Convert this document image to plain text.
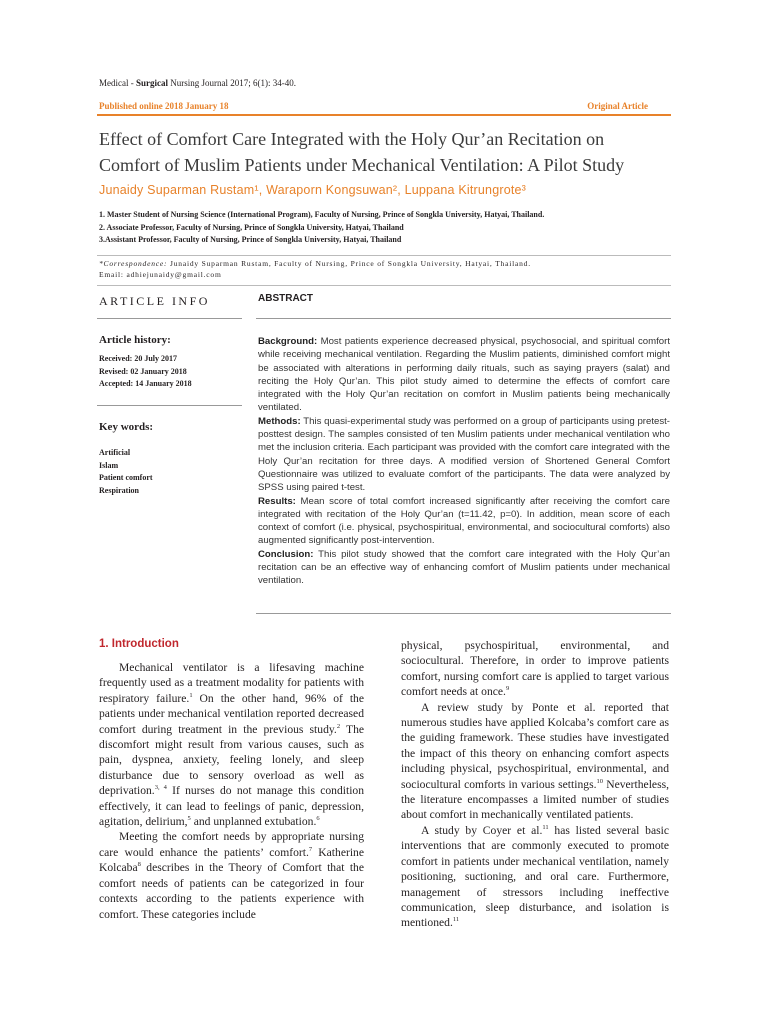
Medical - Surgical Nursing Journal 2017; 6(1): 34-40.
Published online 2018 January 18	Original Article
Effect of Comfort Care Integrated with the Holy Qur’an Recitation on
Comfort of Muslim Patients under Mechanical Ventilation: A Pilot Study
Junaidy Suparman Rustam¹, Waraporn Kongsuwan², Luppana Kitrungrote³
1. Master Student of Nursing Science (International Program), Faculty of Nursing, Prince of Songkla University, Hatyai, Thailand.
2. Associate Professor, Faculty of Nursing, Prince of Songkla University, Hatyai, Thailand
3.Assistant Professor, Faculty of Nursing, Prince of Songkla University, Hatyai, Thailand
*Correspondence: Junaidy Suparman Rustam, Faculty of Nursing, Prince of Songkla University, Hatyai, Thailand.
Email: adhiejunaidy@gmail.com
ARTICLE INFO	ABSTRACT
Article history:
Received: 20 July 2017
Revised: 02 January 2018
Accepted: 14 January 2018
Key words:
Artificial
Islam
Patient comfort
Respiration

Background: Most patients experience decreased physical, psychosocial, and spiritual comfort while receiving mechanical ventilation. Regarding the Muslim patients, diminished comfort might be associated with alterations in performing daily rituals, such as saying prayers (salat) and reciting the Holy Qur’an. This pilot study aimed to determine the effects of comfort care integrated with the Holy Qur’an recitation on comfort in Muslim patients being mechanically ventilated.

Methods: This quasi-experimental study was performed on a group of participants using pretest-posttest design. The samples consisted of ten Muslim patients under mechanical ventilation who met the inclusion criteria. Each participant was provided with the comfort care integrated with the Holy Qur’an recitation for three days. A modified version of Shortened General Comfort Questionnaire was utilized to evaluate comfort of the participants. The data were analyzed by SPSS using paired t-test.

Results: Mean score of total comfort increased significantly after receiving the comfort care integrated with recitation of the Holy Qur’an (t=11.42, p=0). In addition, mean score of each context of comfort (i.e. physical, psychospiritual, environmental, and sociocultural comforts) also augmented significantly post-intervention.

Conclusion: This pilot study showed that the comfort care integrated with the Holy Qur’an recitation can be an effective way of enhancing comfort of Muslim patients under mechanical ventilation.

1. Introduction

Mechanical ventilator is a lifesaving machine frequently used as a treatment modality for patients with respiratory failure.$^1$ On the other hand, 96% of the patients under mechanical ventilation reported decreased comfort during treatment in the previous study.$^2$ The discomfort might result from various causes, such as pain, dyspnea, anxiety, feeling lonely, and sleep disturbance due to sensory overload as well as deprivation.$^{3, 4}$ If nurses do not manage this condition effectively, it can lead to feelings of panic, depression, agitation, delirium,$^5$ and unplanned extubation.$^6$

Meeting the comfort needs by appropriate nursing care would enhance the patients’ comfort.$^7$ Katherine Kolcaba$^8$ describes in the Theory of Comfort that the comfort needs of patients can be categorized in four contexts according to the patients experience with comfort. These categories include

physical, psychospiritual, environmental, and sociocultural. Therefore, in order to improve patients comfort, nursing comfort care is applied to target various comfort needs at once.$^9$

A review study by Ponte et al. reported that numerous studies have applied Kolcaba’s comfort care as the guiding framework. These studies have investigated the impact of this theory on enhancing comfort aspects including physical, psychospiritual, environmental, and sociocultural comforts in various settings.$^{10}$ Nevertheless, the literature encompasses a limited number of studies about comfort in mechanically ventilated patients.

A study by Coyer et al.$^{11}$ has listed several basic interventions that are commonly executed to promote comfort in patients under mechanical ventilation, namely positioning, suctioning, and oral care. Furthermore, management of stressors including ineffective communication, sleep disturbance, and isolation is mentioned.$^{11}$
